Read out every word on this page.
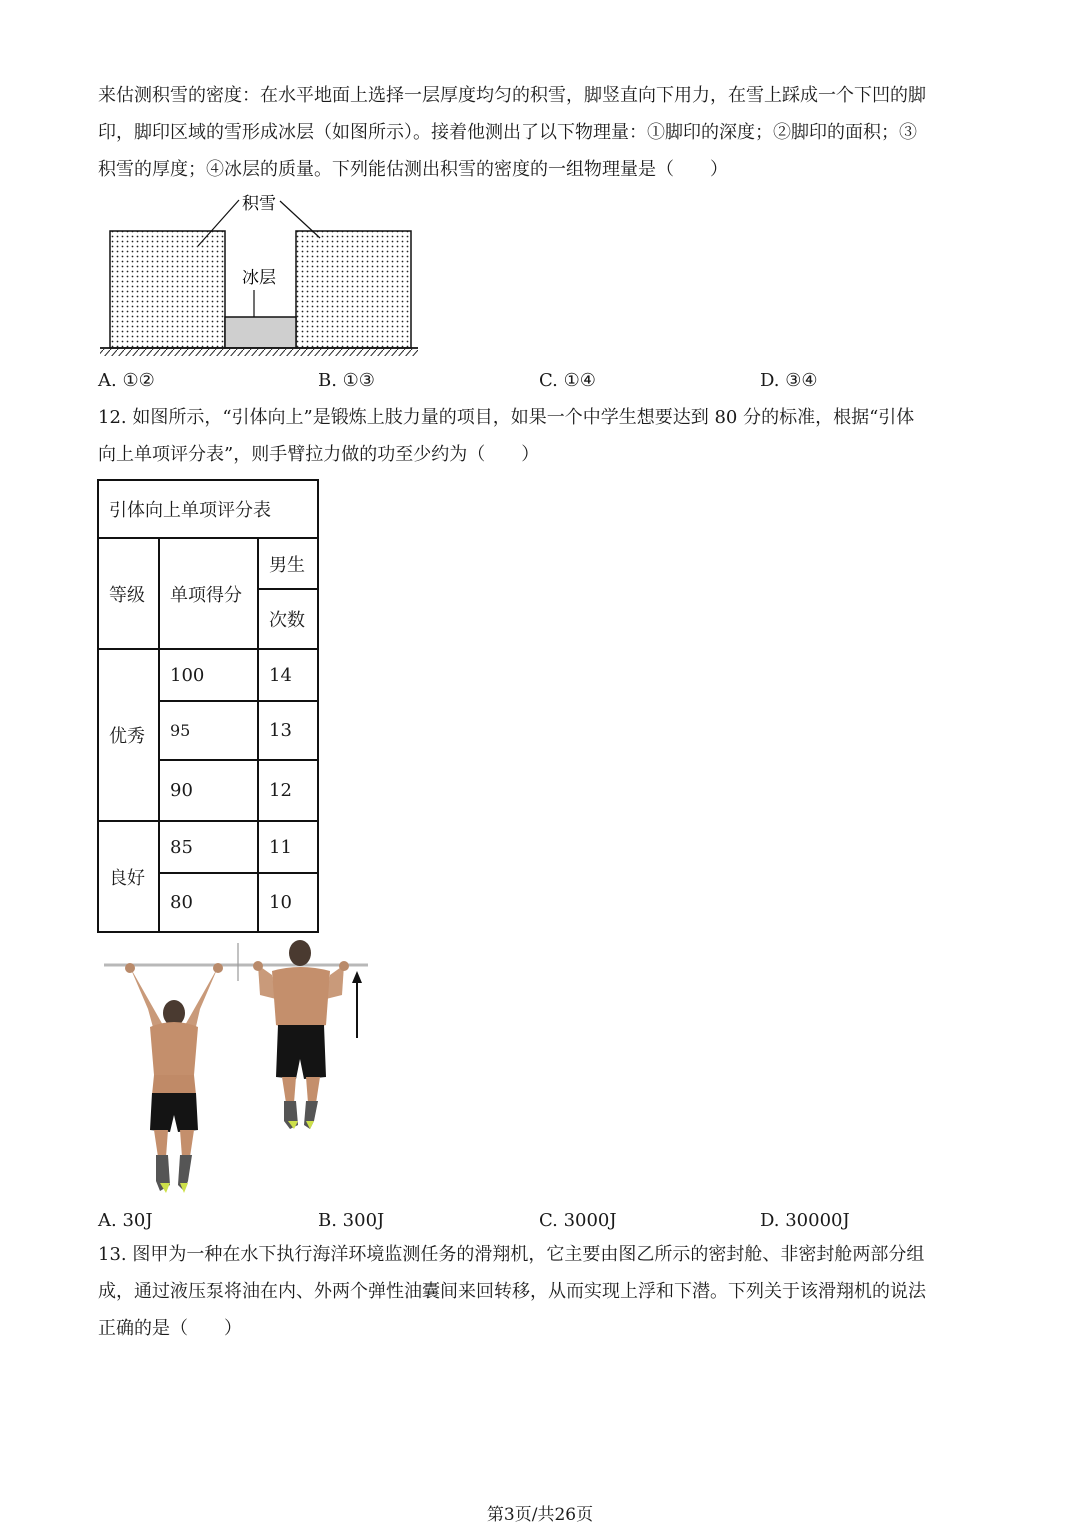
来估测积雪的密度：在水平地面上选择一层厚度均匀的积雪，脚竖直向下用力，在雪上踩成一个下凹的脚
印，脚印区域的雪形成冰层（如图所示）。接着他测出了以下物理量：①脚印的深度；②脚印的面积；③
积雪的厚度；④冰层的质量。下列能估测出积雪的密度的一组物理量是（　　）
积雪
冰层
A. ①②	B. ①③	C. ①④	D. ③④
12. 如图所示，“引体向上”是锻炼上肢力量的项目，如果一个中学生想要达到 80 分的标准，根据“引体
向上单项评分表”，则手臂拉力做的功至少约为（　　）
引体向上单项评分表		
等级	单项得分	男生
		次数
优秀	100	14
	95	13
	90	12
良好	85	11
	80	10
A. 30J	B. 300J	C. 3000J	D. 30000J
13. 图甲为一种在水下执行海洋环境监测任务的滑翔机，它主要由图乙所示的密封舱、非密封舱两部分组
成，通过液压泵将油在内、外两个弹性油囊间来回转移，从而实现上浮和下潜。下列关于该滑翔机的说法
正确的是（　　）
第3页/共26页
